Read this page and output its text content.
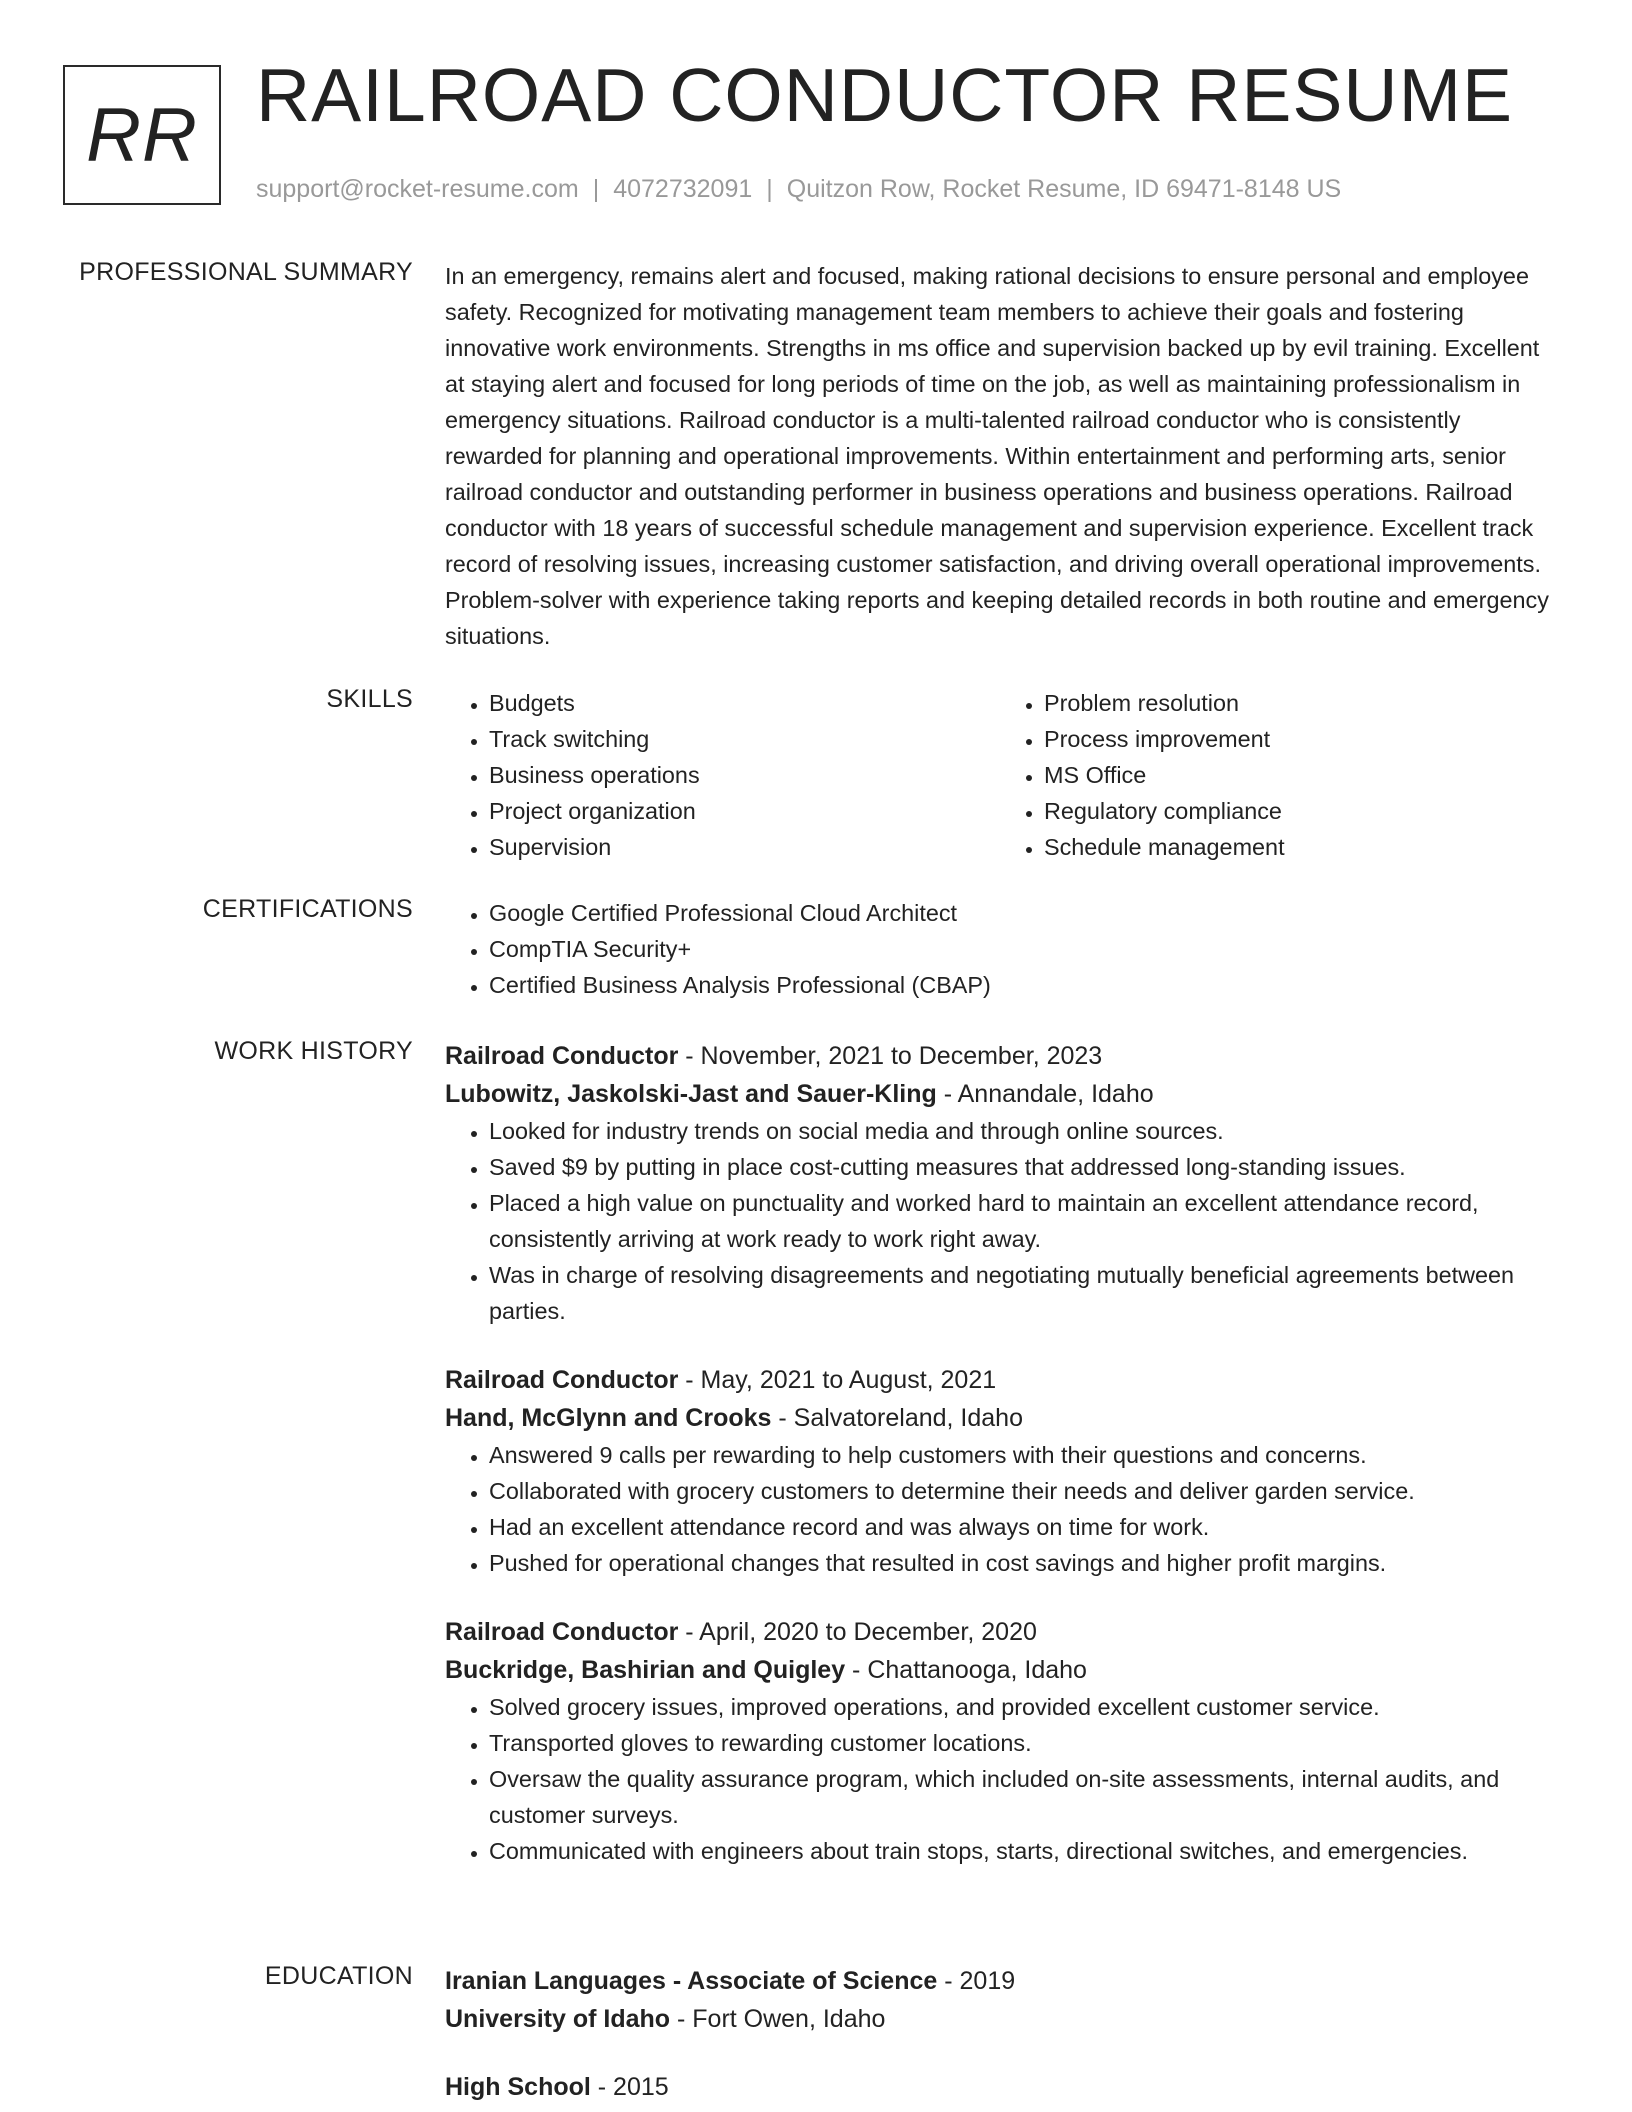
RR RAILROAD CONDUCTOR RESUME
support@rocket-resume.com | 4072732091 | Quitzon Row, Rocket Resume, ID 69471-8148 US
PROFESSIONAL SUMMARY In an emergency, remains alert and focused, making rational decisions to ensure personal and employee safety. Recognized for motivating management team members to achieve their goals and fostering innovative work environments. Strengths in ms office and supervision backed up by evil training. Excellent at staying alert and focused for long periods of time on the job, as well as maintaining professionalism in emergency situations. Railroad conductor is a multi-talented railroad conductor who is consistently rewarded for planning and operational improvements. Within entertainment and performing arts, senior railroad conductor and outstanding performer in business operations and business operations. Railroad conductor with 18 years of successful schedule management and supervision experience. Excellent track record of resolving issues, increasing customer satisfaction, and driving overall operational improvements. Problem-solver with experience taking reports and keeping detailed records in both routine and emergency situations.

SKILLS	• Budgets
• Track switching
• Business operations
• Project organization
• Supervision
• Problem resolution
• Process improvement
• MS Office
• Regulatory compliance
• Schedule management
CERTIFICATIONS	• Google Certified Professional Cloud Architect
• CompTIA Security+
• Certified Business Analysis Professional (CBAP)
WORK HISTORY Railroad Conductor - November, 2021 to December, 2023
Lubowitz, Jaskolski-Jast and Sauer-Kling - Annandale, Idaho
• Looked for industry trends on social media and through online sources.
• Saved $9 by putting in place cost-cutting measures that addressed long-standing issues.
• Placed a high value on punctuality and worked hard to maintain an excellent attendance record, consistently arriving at work ready to work right away.
• Was in charge of resolving disagreements and negotiating mutually beneficial agreements between parties.
Railroad Conductor - May, 2021 to August, 2021
Hand, McGlynn and Crooks - Salvatoreland, Idaho
• Answered 9 calls per rewarding to help customers with their questions and concerns.
• Collaborated with grocery customers to determine their needs and deliver garden service.
• Had an excellent attendance record and was always on time for work.
• Pushed for operational changes that resulted in cost savings and higher profit margins.
Railroad Conductor - April, 2020 to December, 2020
Buckridge, Bashirian and Quigley - Chattanooga, Idaho
• Solved grocery issues, improved operations, and provided excellent customer service.
• Transported gloves to rewarding customer locations.
• Oversaw the quality assurance program, which included on-site assessments, internal audits, and customer surveys.
• Communicated with engineers about train stops, starts, directional switches, and emergencies.
EDUCATION Iranian Languages - Associate of Science - 2019
University of Idaho - Fort Owen, Idaho
High School - 2015
